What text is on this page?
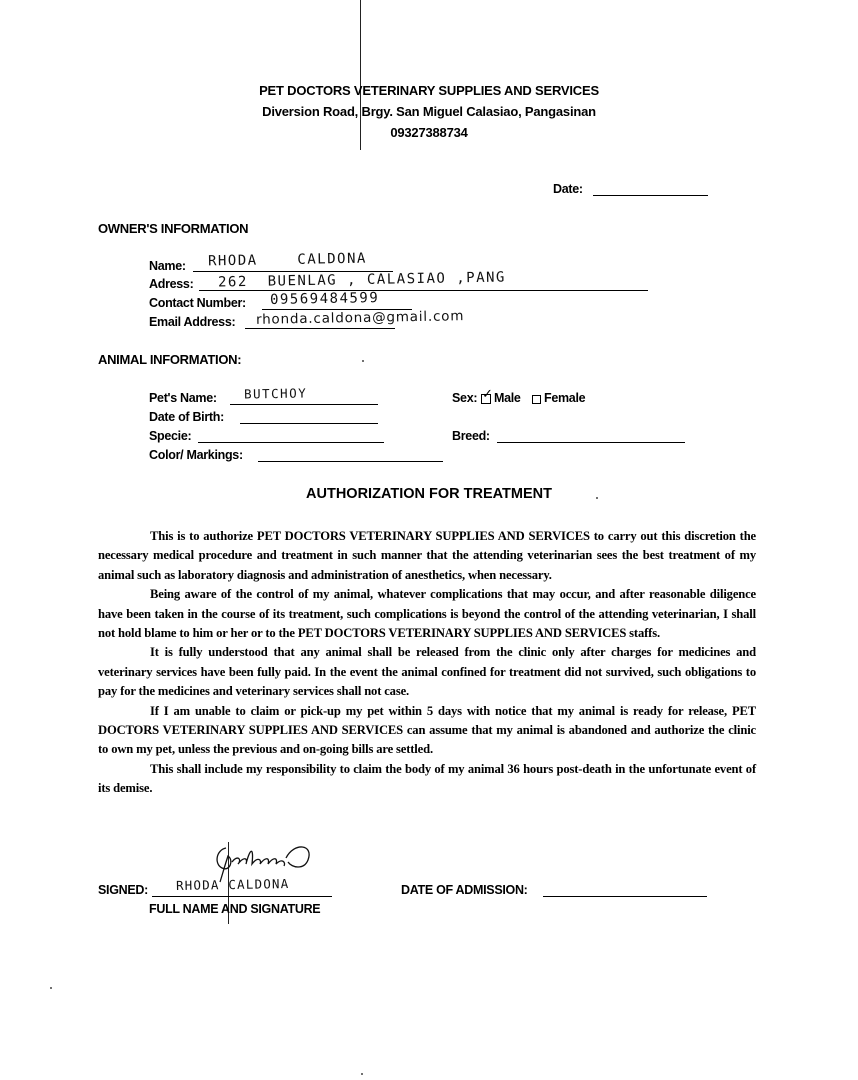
PET DOCTORS VETERINARY SUPPLIES AND SERVICES
Diversion Road, Brgy. San Miguel Calasiao, Pangasinan
09327388734
Date:
OWNER'S INFORMATION
Name: RHODA    CALDONA
Adress: 262  BUENLAG , CALASIAO ,PANG
Contact Number: 09569484599
Email Address: rhonda.caldona@gmail.com
ANIMAL INFORMATION:
Pet's Name: BUTCHOY
Date of Birth:
Specie:
Color/ Markings:
Sex: ✓ Male Female
Breed:
AUTHORIZATION FOR TREATMENT

This is to authorize PET DOCTORS VETERINARY SUPPLIES AND SERVICES to carry out this discretion the necessary medical procedure and treatment in such manner that the attending veterinarian sees the best treatment of my animal such as laboratory diagnosis and administration of anesthetics, when necessary.

Being aware of the control of my animal, whatever complications that may occur, and after reasonable diligence have been taken in the course of its treatment, such complications is beyond the control of the attending veterinarian, I shall not hold blame to him or her or to the PET DOCTORS VETERINARY SUPPLIES AND SERVICES staffs.

It is fully understood that any animal shall be released from the clinic only after charges for medicines and veterinary services have been fully paid. In the event the animal confined for treatment did not survived, such obligations to pay for the medicines and veterinary services shall not case.

If I am unable to claim or pick-up my pet within 5 days with notice that my animal is ready for release, PET DOCTORS VETERINARY SUPPLIES AND SERVICES can assume that my animal is abandoned and authorize the clinic to own my pet, unless the previous and on-going bills are settled.

This shall include my responsibility to claim the body of my animal 36 hours post-death in the unfortunate event of its demise.

SIGNED: RHODA CALDONA
FULL NAME AND SIGNATURE
DATE OF ADMISSION:
